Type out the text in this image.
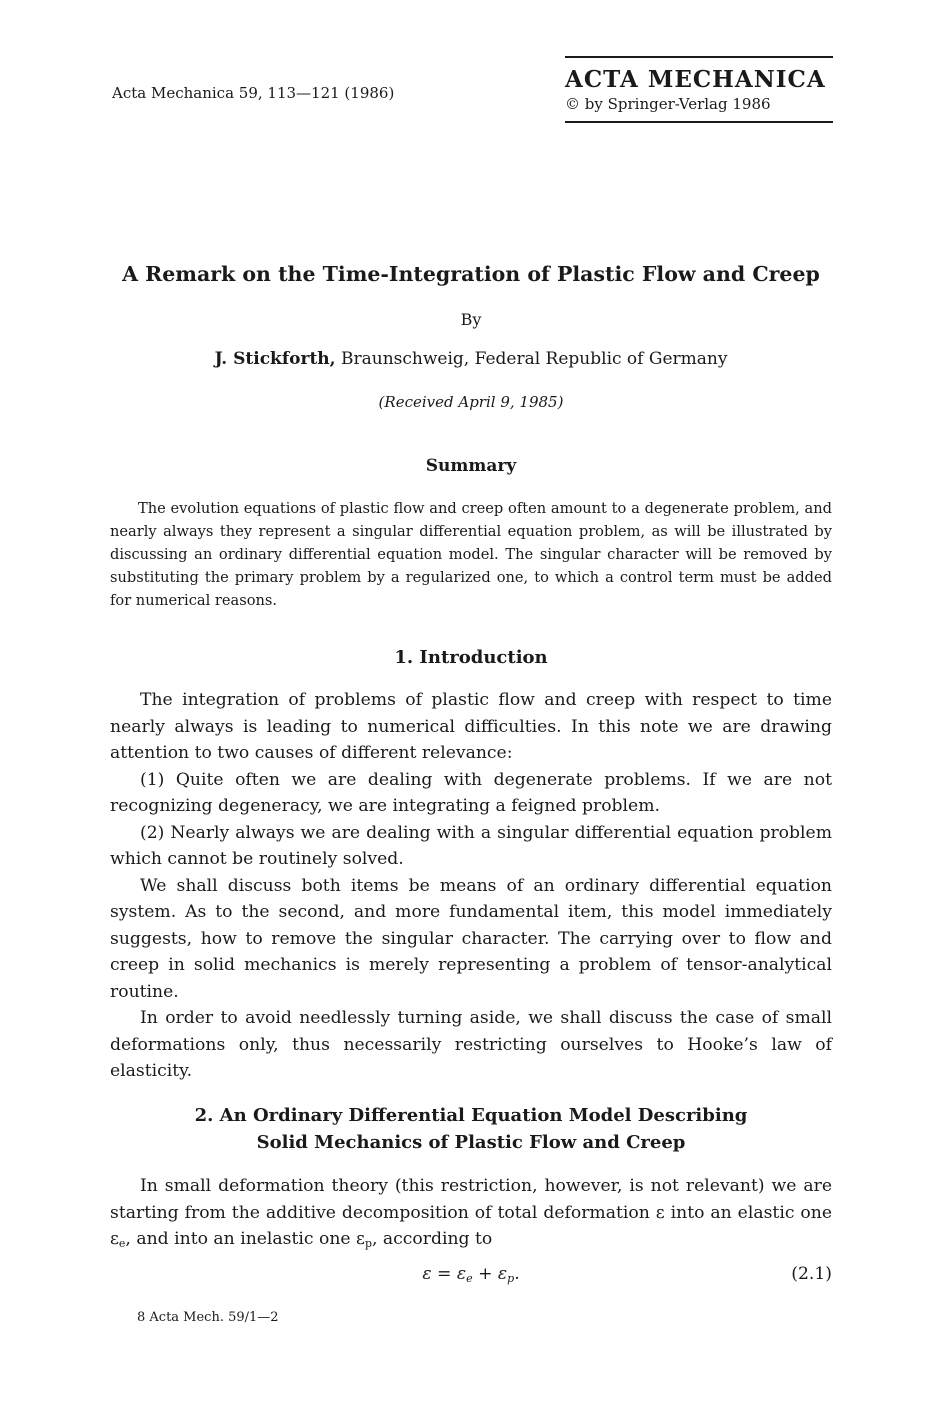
Acta Mechanica 59, 113—121 (1986)	ACTA MECHANICA
© by Springer-Verlag 1986
A Remark on the Time-Integration of Plastic Flow and Creep
By
J. Stickforth, Braunschweig, Federal Republic of Germany
(Received April 9, 1985)
Summary

The evolution equations of plastic flow and creep often amount to a degenerate problem, and nearly always they represent a singular differential equation problem, as will be illustrated by discussing an ordinary differential equation model. The singular character will be removed by substituting the primary problem by a regularized one, to which a control term must be added for numerical reasons.

1. Introduction

The integration of problems of plastic flow and creep with respect to time nearly always is leading to numerical difficulties. In this note we are drawing attention to two causes of different relevance:

(1) Quite often we are dealing with degenerate problems. If we are not recognizing degeneracy, we are integrating a feigned problem.

(2) Nearly always we are dealing with a singular differential equation problem which cannot be routinely solved.

We shall discuss both items be means of an ordinary differential equation system. As to the second, and more fundamental item, this model immediately suggests, how to remove the singular character. The carrying over to flow and creep in solid mechanics is merely representing a problem of tensor-analytical routine.

In order to avoid needlessly turning aside, we shall discuss the case of small deformations only, thus necessarily restricting ourselves to Hooke’s law of elasticity.

2. An Ordinary Differential Equation Model Describing
Solid Mechanics of Plastic Flow and Creep

In small deformation theory (this restriction, however, is not relevant) we are starting from the additive decomposition of total deformation ε into an elastic one $\varepsilon_e$, and into an inelastic one $\varepsilon_p$, according to

$\varepsilon = \varepsilon_e + \varepsilon_p$.	(2.1)
8 Acta Mech. 59/1—2
